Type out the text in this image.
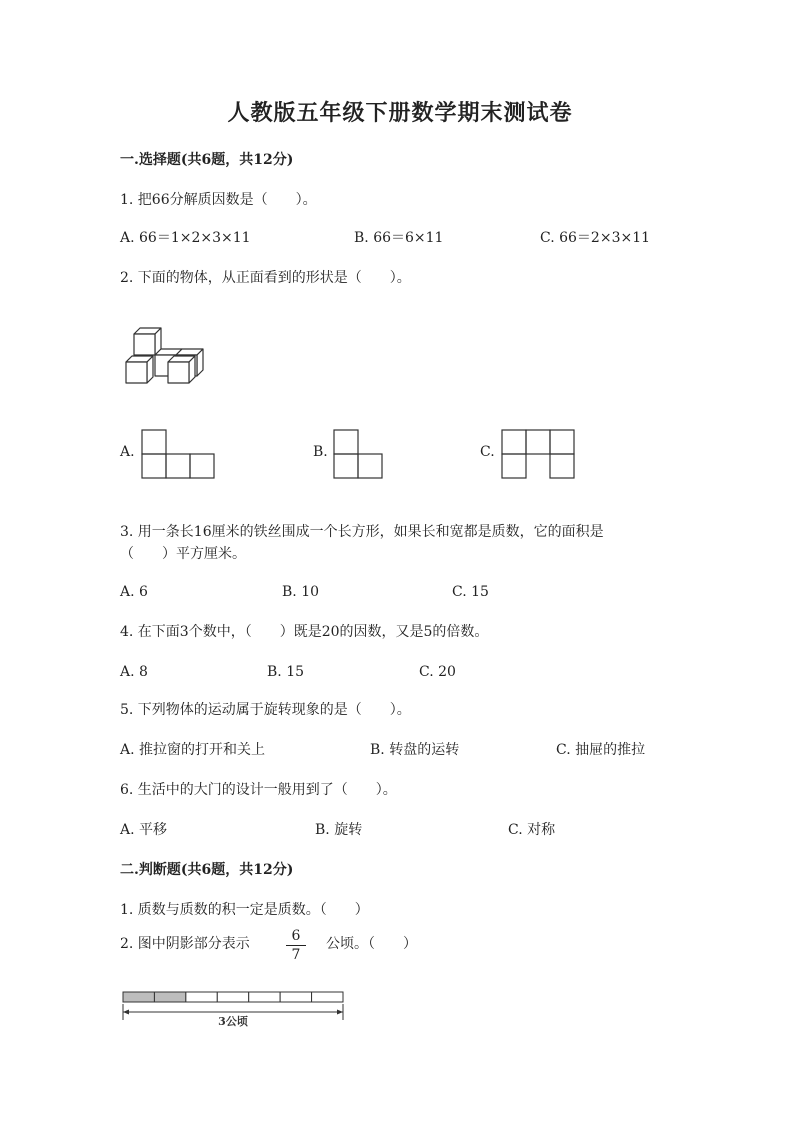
人教版五年级下册数学期末测试卷
一.选择题(共6题，共12分)
1. 把66分解质因数是（　　）。
A. 66＝1×2×3×11	B. 66＝6×11	C. 66＝2×3×11
2. 下面的物体，从正面看到的形状是（　　）。
A.	B.	C.
3. 用一条长16厘米的铁丝围成一个长方形，如果长和宽都是质数，它的面积是
（　　）平方厘米。
A. 6	B. 10	C. 15
4. 在下面3个数中，（　　）既是20的因数，又是5的倍数。
A. 8	B. 15	C. 20
5. 下列物体的运动属于旋转现象的是（　　）。
A. 推拉窗的打开和关上	B. 转盘的运转	C. 抽屉的推拉
6. 生活中的大门的设计一般用到了（　　）。
A. 平移	B. 旋转	C. 对称
二.判断题(共6题，共12分)
1. 质数与质数的积一定是质数。（　　）
2. 图中阴影部分表示	$\frac{6}{7}$ 公顷。（　　）
3公顷
